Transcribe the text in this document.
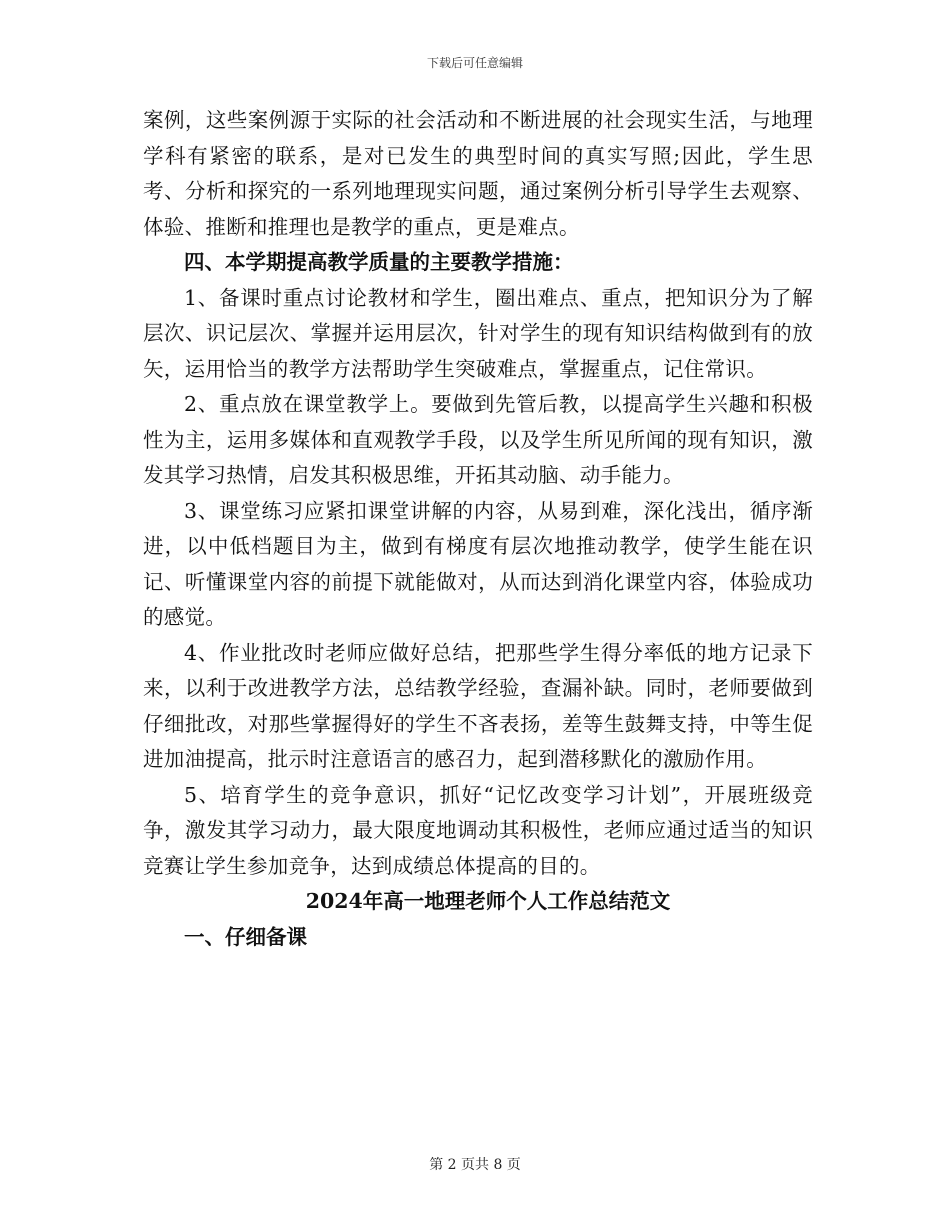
下载后可任意编辑

案例，这些案例源于实际的社会活动和不断进展的社会现实生活，与地理学科有紧密的联系，是对已发生的典型时间的真实写照;因此，学生思考、分析和探究的一系列地理现实问题，通过案例分析引导学生去观察、体验、推断和推理也是教学的重点，更是难点。

四、本学期提高教学质量的主要教学措施：

1、备课时重点讨论教材和学生，圈出难点、重点，把知识分为了解层次、识记层次、掌握并运用层次，针对学生的现有知识结构做到有的放矢，运用恰当的教学方法帮助学生突破难点，掌握重点，记住常识。

2、重点放在课堂教学上。要做到先管后教，以提高学生兴趣和积极性为主，运用多媒体和直观教学手段，以及学生所见所闻的现有知识，激发其学习热情，启发其积极思维，开拓其动脑、动手能力。

3、课堂练习应紧扣课堂讲解的内容，从易到难，深化浅出，循序渐进，以中低档题目为主，做到有梯度有层次地推动教学，使学生能在识记、听懂课堂内容的前提下就能做对，从而达到消化课堂内容，体验成功的感觉。

4、作业批改时老师应做好总结，把那些学生得分率低的地方记录下来，以利于改进教学方法，总结教学经验，查漏补缺。同时，老师要做到仔细批改，对那些掌握得好的学生不吝表扬，差等生鼓舞支持，中等生促进加油提高，批示时注意语言的感召力，起到潜移默化的激励作用。

5、培育学生的竞争意识，抓好“记忆改变学习计划”，开展班级竞争，激发其学习动力，最大限度地调动其积极性，老师应通过适当的知识竞赛让学生参加竞争，达到成绩总体提高的目的。

2024年高一地理老师个人工作总结范文

一、仔细备课

第 2 页共 8 页
